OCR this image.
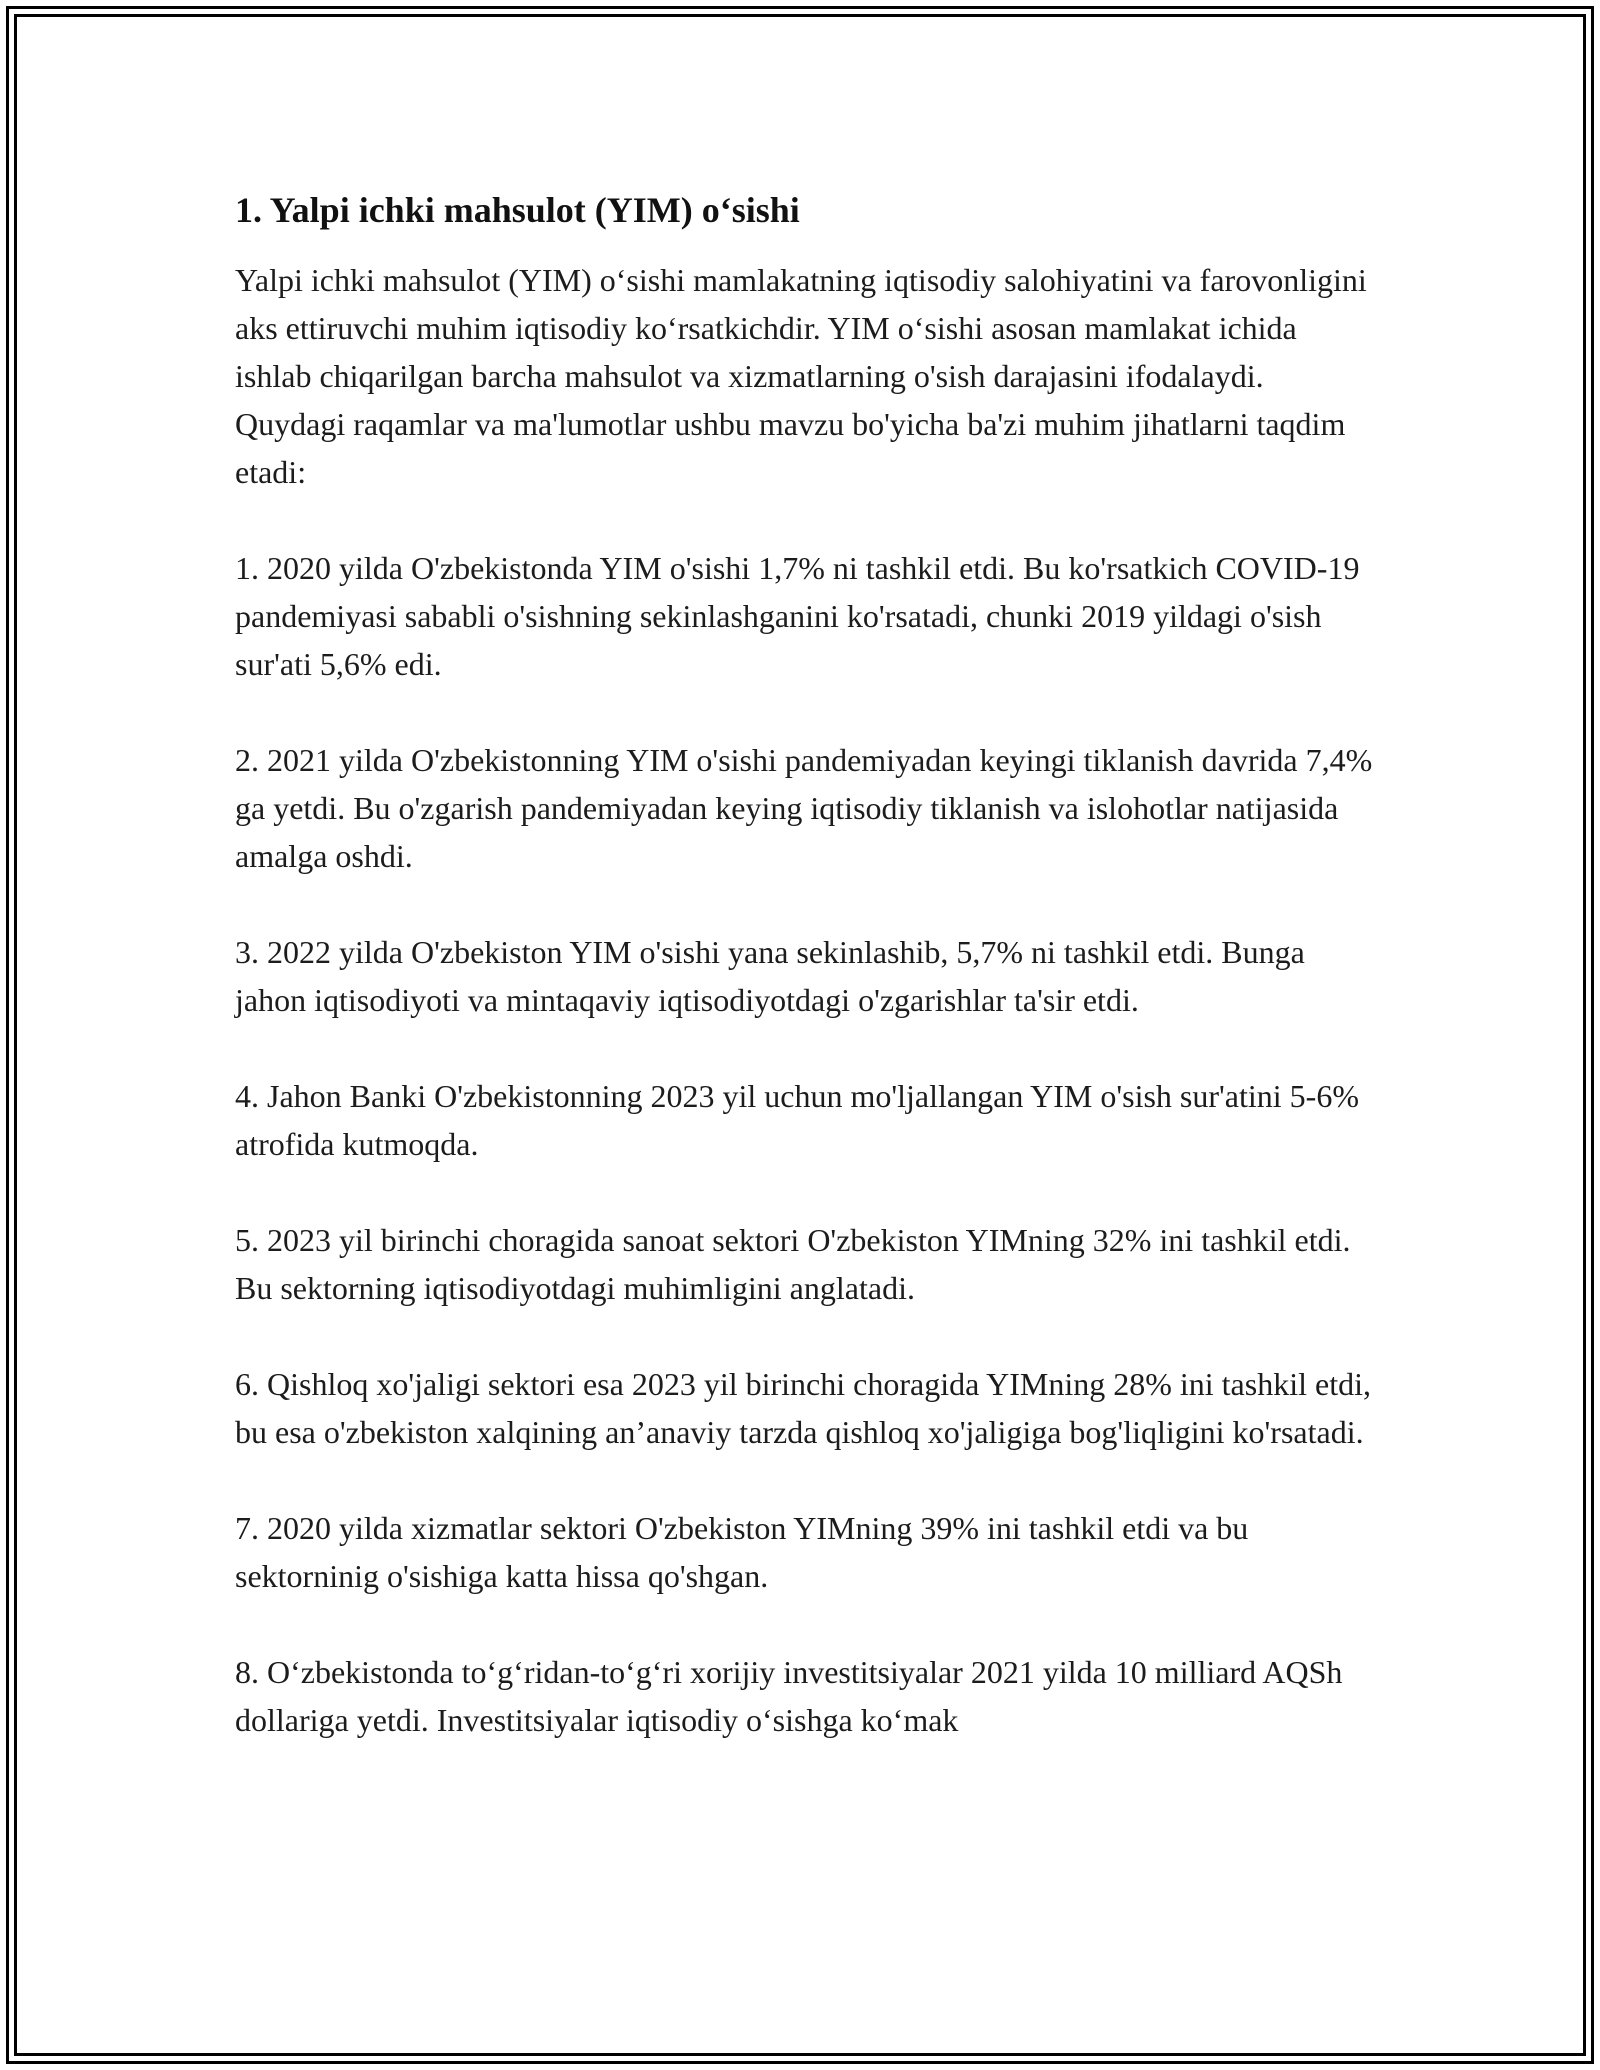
1. Yalpi ichki mahsulot (YIM) o‘sishi

Yalpi ichki mahsulot (YIM) o‘sishi mamlakatning iqtisodiy salohiyatini va farovonligini aks ettiruvchi muhim iqtisodiy ko‘rsatkichdir. YIM o‘sishi asosan mamlakat ichida ishlab chiqarilgan barcha mahsulot va xizmatlarning o'sish darajasini ifodalaydi. Quydagi raqamlar va ma'lumotlar ushbu mavzu bo'yicha ba'zi muhim jihatlarni taqdim etadi:

1. 2020 yilda O'zbekistonda YIM o'sishi 1,7% ni tashkil etdi. Bu ko'rsatkich COVID-19 pandemiyasi sababli o'sishning sekinlashganini ko'rsatadi, chunki 2019 yildagi o'sish sur'ati 5,6% edi.

2. 2021 yilda O'zbekistonning YIM o'sishi pandemiyadan keyingi tiklanish davrida 7,4% ga yetdi. Bu o'zgarish pandemiyadan keying iqtisodiy tiklanish va islohotlar natijasida amalga oshdi.

3. 2022 yilda O'zbekiston YIM o'sishi yana sekinlashib, 5,7% ni tashkil etdi. Bunga jahon iqtisodiyoti va mintaqaviy iqtisodiyotdagi o'zgarishlar ta'sir etdi.

4. Jahon Banki O'zbekistonning 2023 yil uchun mo'ljallangan YIM o'sish sur'atini 5-6% atrofida kutmoqda.

5. 2023 yil birinchi choragida sanoat sektori O'zbekiston YIMning 32% ini tashkil etdi. Bu sektorning iqtisodiyotdagi muhimligini anglatadi.

6. Qishloq xo'jaligi sektori esa 2023 yil birinchi choragida YIMning 28% ini tashkil etdi, bu esa o'zbekiston xalqining an’anaviy tarzda qishloq xo'jaligiga bog'liqligini ko'rsatadi.

7. 2020 yilda xizmatlar sektori O'zbekiston YIMning 39% ini tashkil etdi va bu sektorninig o'sishiga katta hissa qo'shgan.

8. O‘zbekistonda to‘g‘ridan-to‘g‘ri xorijiy investitsiyalar 2021 yilda 10 milliard AQSh dollariga yetdi. Investitsiyalar iqtisodiy o‘sishga ko‘mak
